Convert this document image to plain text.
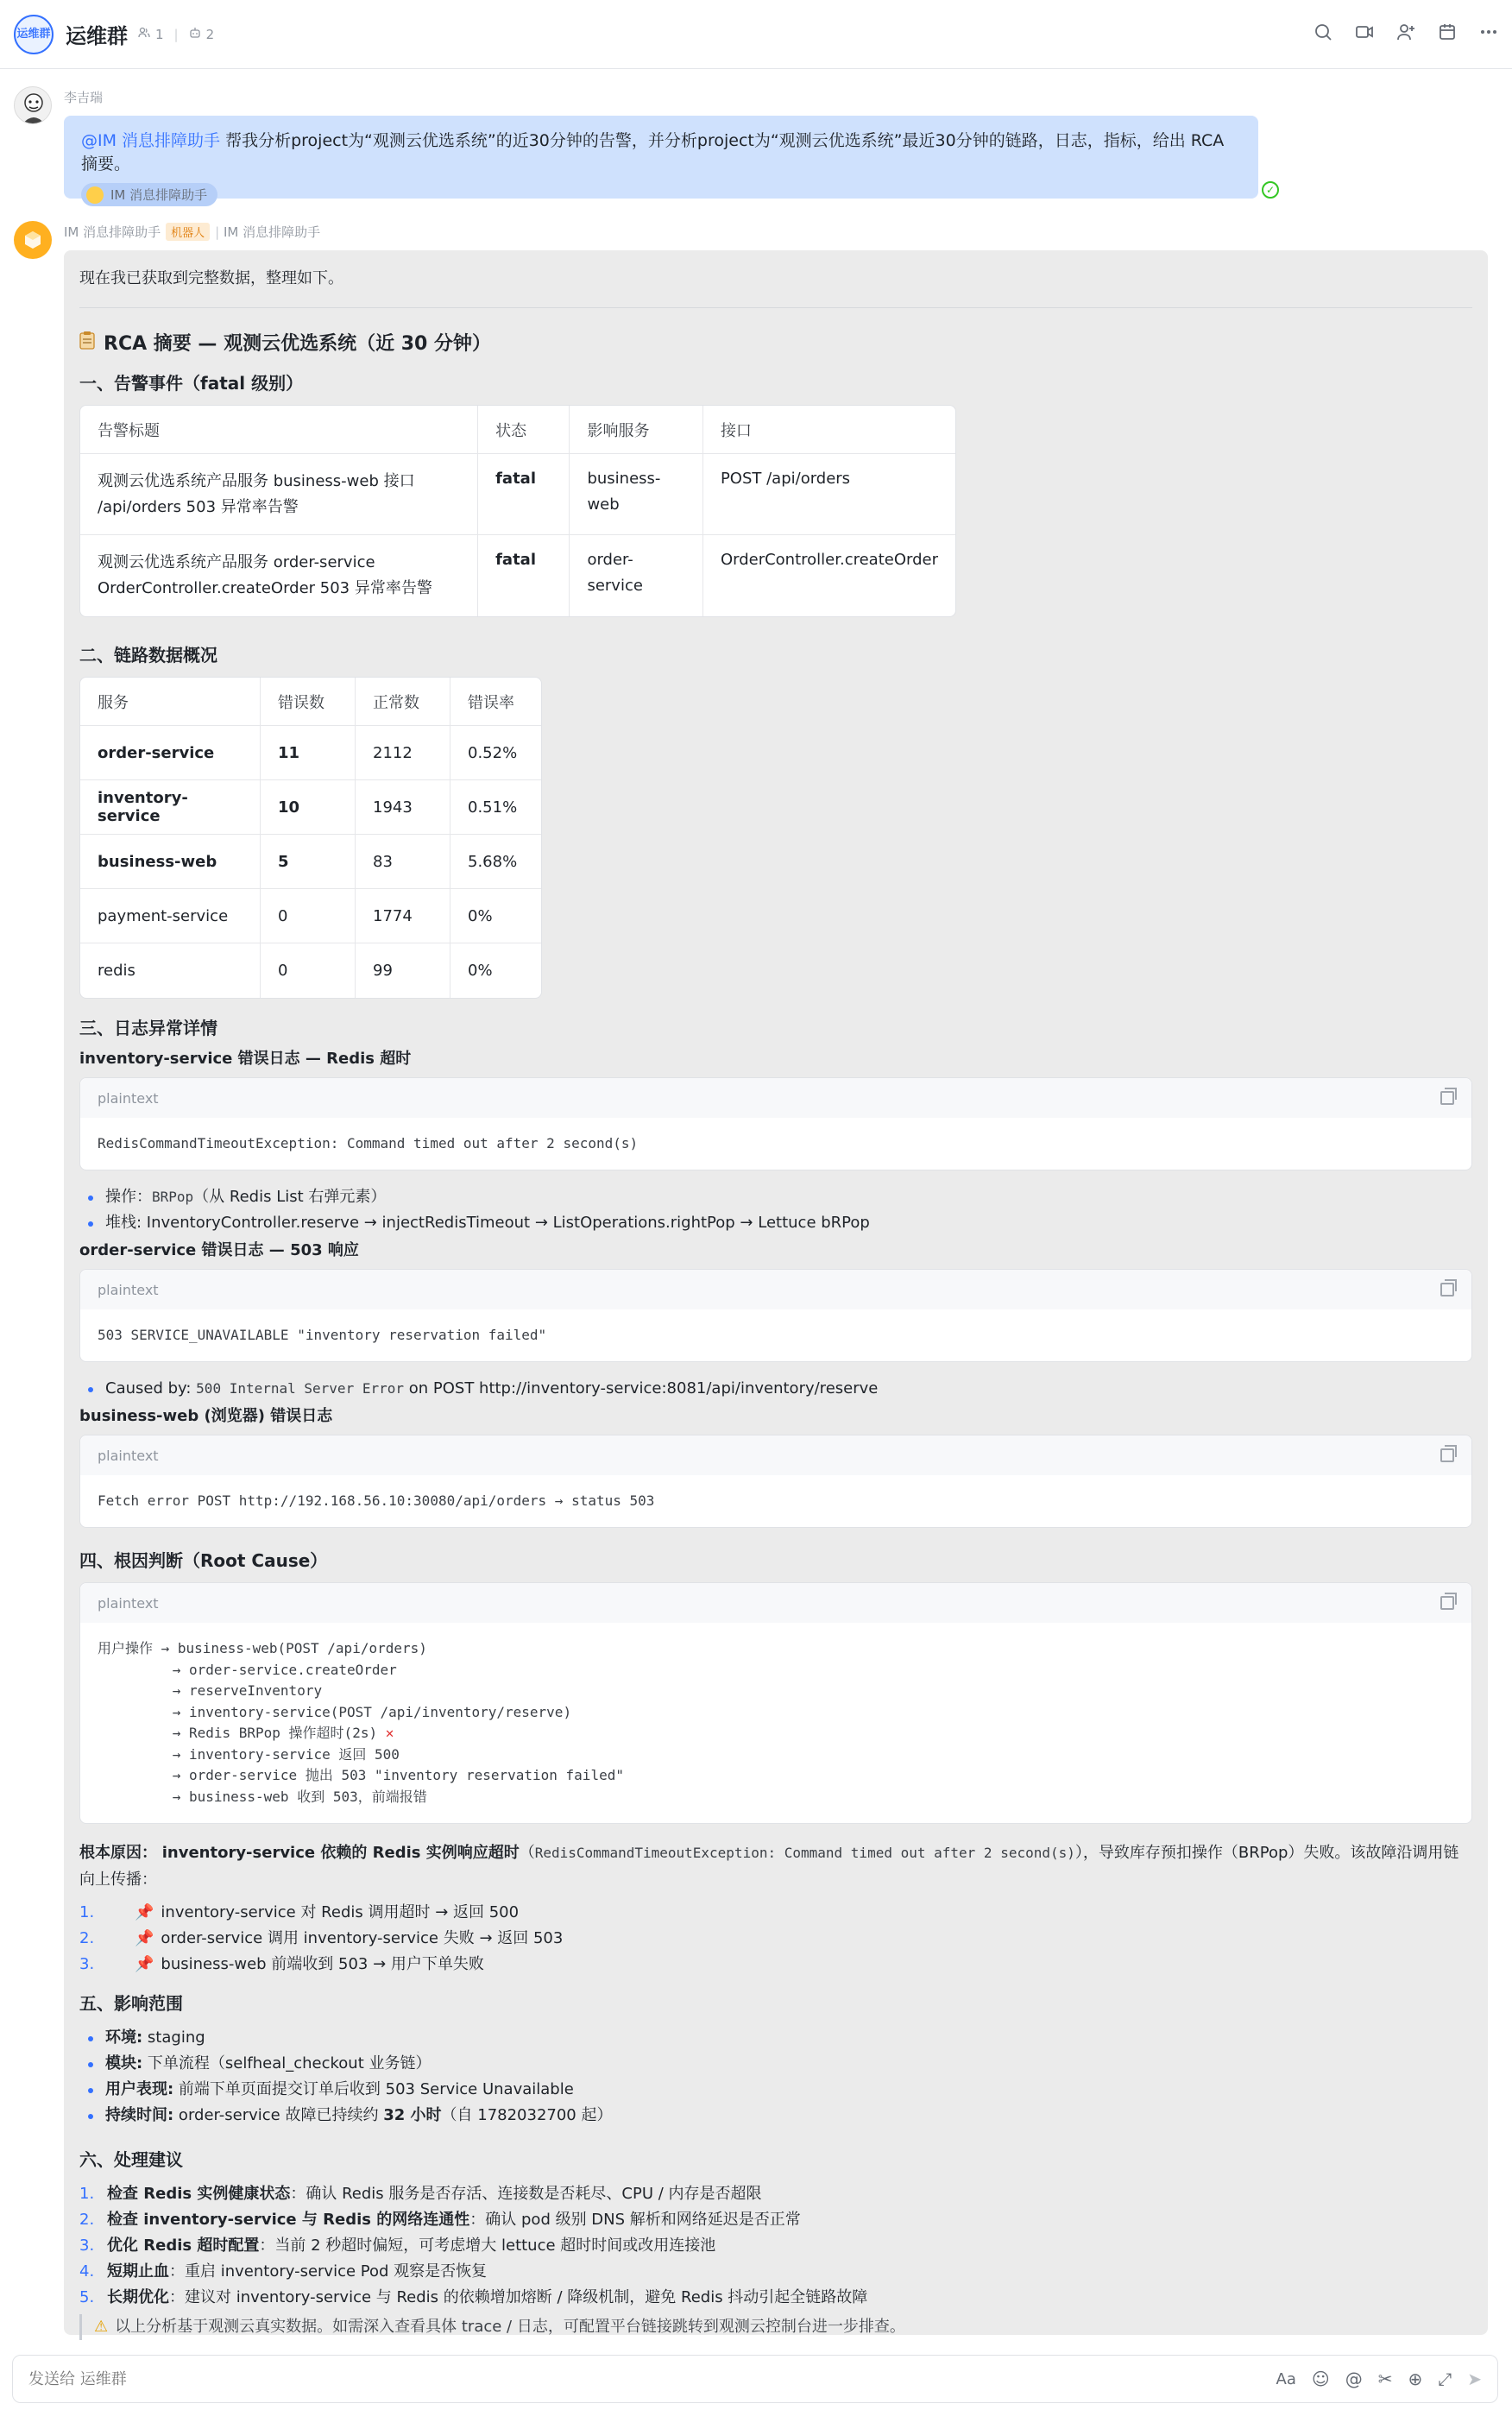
运维群 运维群 1 | 2
李吉瑞
@IM 消息排障助手 帮我分析project为“观测云优选系统”的近30分钟的告警，并分析project为“观测云优选系统”最近30分钟的链路，日志，指标，给出 RCA 摘要。
IM 消息排障助手	✓
IM 消息排障助手 机器人 | IM 消息排障助手
现在我已获取到完整数据，整理如下。
RCA 摘要 — 观测云优选系统（近 30 分钟）
一、告警事件（fatal 级别）
告警标题	状态	影响服务	接口
观测云优选系统产品服务 business-web 接口
/api/orders 503 异常率告警	fatal	business-web	POST /api/orders
观测云优选系统产品服务 order-service
OrderController.createOrder 503 异常率告警	fatal	order-service	OrderController.createOrder
二、链路数据概况
服务	错误数	正常数	错误率
order-service	11	2112	0.52%
inventory-service	10	1943	0.51%
business-web	5	83	5.68%
payment-service	0	1774	0%
redis	0	99	0%
三、日志异常详情
inventory-service 错误日志 — Redis 超时
plaintext
RedisCommandTimeoutException: Command timed out after 2 second(s)
操作：BRPop（从 Redis List 右弹元素）
堆栈: InventoryController.reserve → injectRedisTimeout → ListOperations.rightPop → Lettuce bRPop
order-service 错误日志 — 503 响应
plaintext
503 SERVICE_UNAVAILABLE "inventory reservation failed"
Caused by: 500 Internal Server Error on POST http://inventory-service:8081/api/inventory/reserve
business-web (浏览器) 错误日志
plaintext
Fetch error POST http://192.168.56.10:30080/api/orders → status 503
四、根因判断（Root Cause）
plaintext
用户操作 → business-web(POST /api/orders)
→ order-service.createOrder
→ reserveInventory
→ inventory-service(POST /api/inventory/reserve)
→ Redis BRPop 操作超时(2s) ✕
→ inventory-service 返回 500
→ order-service 抛出 503 "inventory reservation failed"
→ business-web 收到 503，前端报错

根本原因： inventory-service 依赖的 Redis 实例响应超时（RedisCommandTimeoutException: Command timed out after 2 second(s)），导致库存预扣操作（BRPop）失败。该故障沿调用链向上传播：

1.	📌 inventory-service 对 Redis 调用超时 → 返回 500
2.	📌 order-service 调用 inventory-service 失败 → 返回 503
3.	📌 business-web 前端收到 503 → 用户下单失败
五、影响范围
环境: staging
模块: 下单流程（selfheal_checkout 业务链）
用户表现: 前端下单页面提交订单后收到 503 Service Unavailable
持续时间: order-service 故障已持续约 32 小时（自 1782032700 起）
六、处理建议
1. 检查 Redis 实例健康状态：确认 Redis 服务是否存活、连接数是否耗尽、CPU / 内存是否超限
2. 检查 inventory-service 与 Redis 的网络连通性：确认 pod 级别 DNS 解析和网络延迟是否正常
3. 优化 Redis 超时配置：当前 2 秒超时偏短，可考虑增大 lettuce 超时时间或改用连接池
4. 短期止血：重启 inventory-service Pod 观察是否恢复
5. 长期优化：建议对 inventory-service 与 Redis 的依赖增加熔断 / 降级机制，避免 Redis 抖动引起全链路故障
⚠ 以上分析基于观测云真实数据。如需深入查看具体 trace / 日志，可配置平台链接跳转到观测云控制台进一步排查。
发送给 运维群
Aa ☺ @ ✂ ⊕ ⤢ ➤
